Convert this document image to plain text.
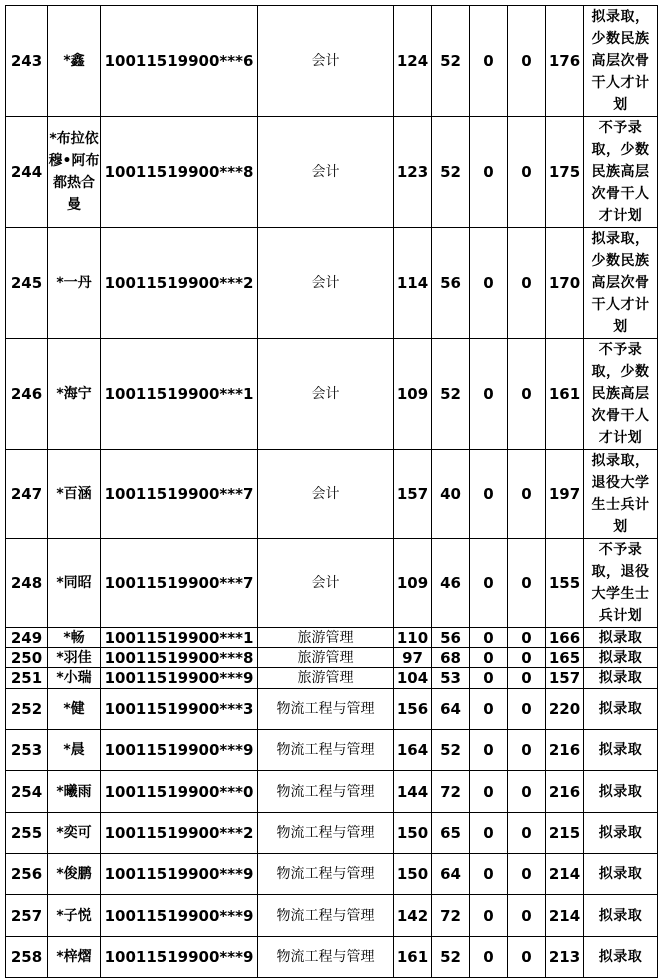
243	*鑫	10011519900***6	会计	124	52	0	0	176	拟录取，少数民族高层次骨干人才计划
244	*布拉依穆•阿布都热合曼	10011519900***8	会计	123	52	0	0	175	不予录取，少数民族高层次骨干人才计划
245	*一丹	10011519900***2	会计	114	56	0	0	170	拟录取，少数民族高层次骨干人才计划
246	*海宁	10011519900***1	会计	109	52	0	0	161	不予录取，少数民族高层次骨干人才计划
247	*百涵	10011519900***7	会计	157	40	0	0	197	拟录取，退役大学生士兵计划
248	*同昭	10011519900***7	会计	109	46	0	0	155	不予录取，退役大学生士兵计划
249	*畅	10011519900***1	旅游管理	110	56	0	0	166	拟录取
250	*羽佳	10011519900***8	旅游管理	97	68	0	0	165	拟录取
251	*小瑞	10011519900***9	旅游管理	104	53	0	0	157	拟录取
252	*健	10011519900***3	物流工程与管理	156	64	0	0	220	拟录取
253	*晨	10011519900***9	物流工程与管理	164	52	0	0	216	拟录取
254	*曦雨	10011519900***0	物流工程与管理	144	72	0	0	216	拟录取
255	*奕可	10011519900***2	物流工程与管理	150	65	0	0	215	拟录取
256	*俊鹏	10011519900***9	物流工程与管理	150	64	0	0	214	拟录取
257	*子悦	10011519900***9	物流工程与管理	142	72	0	0	214	拟录取
258	*梓熠	10011519900***9	物流工程与管理	161	52	0	0	213	拟录取
